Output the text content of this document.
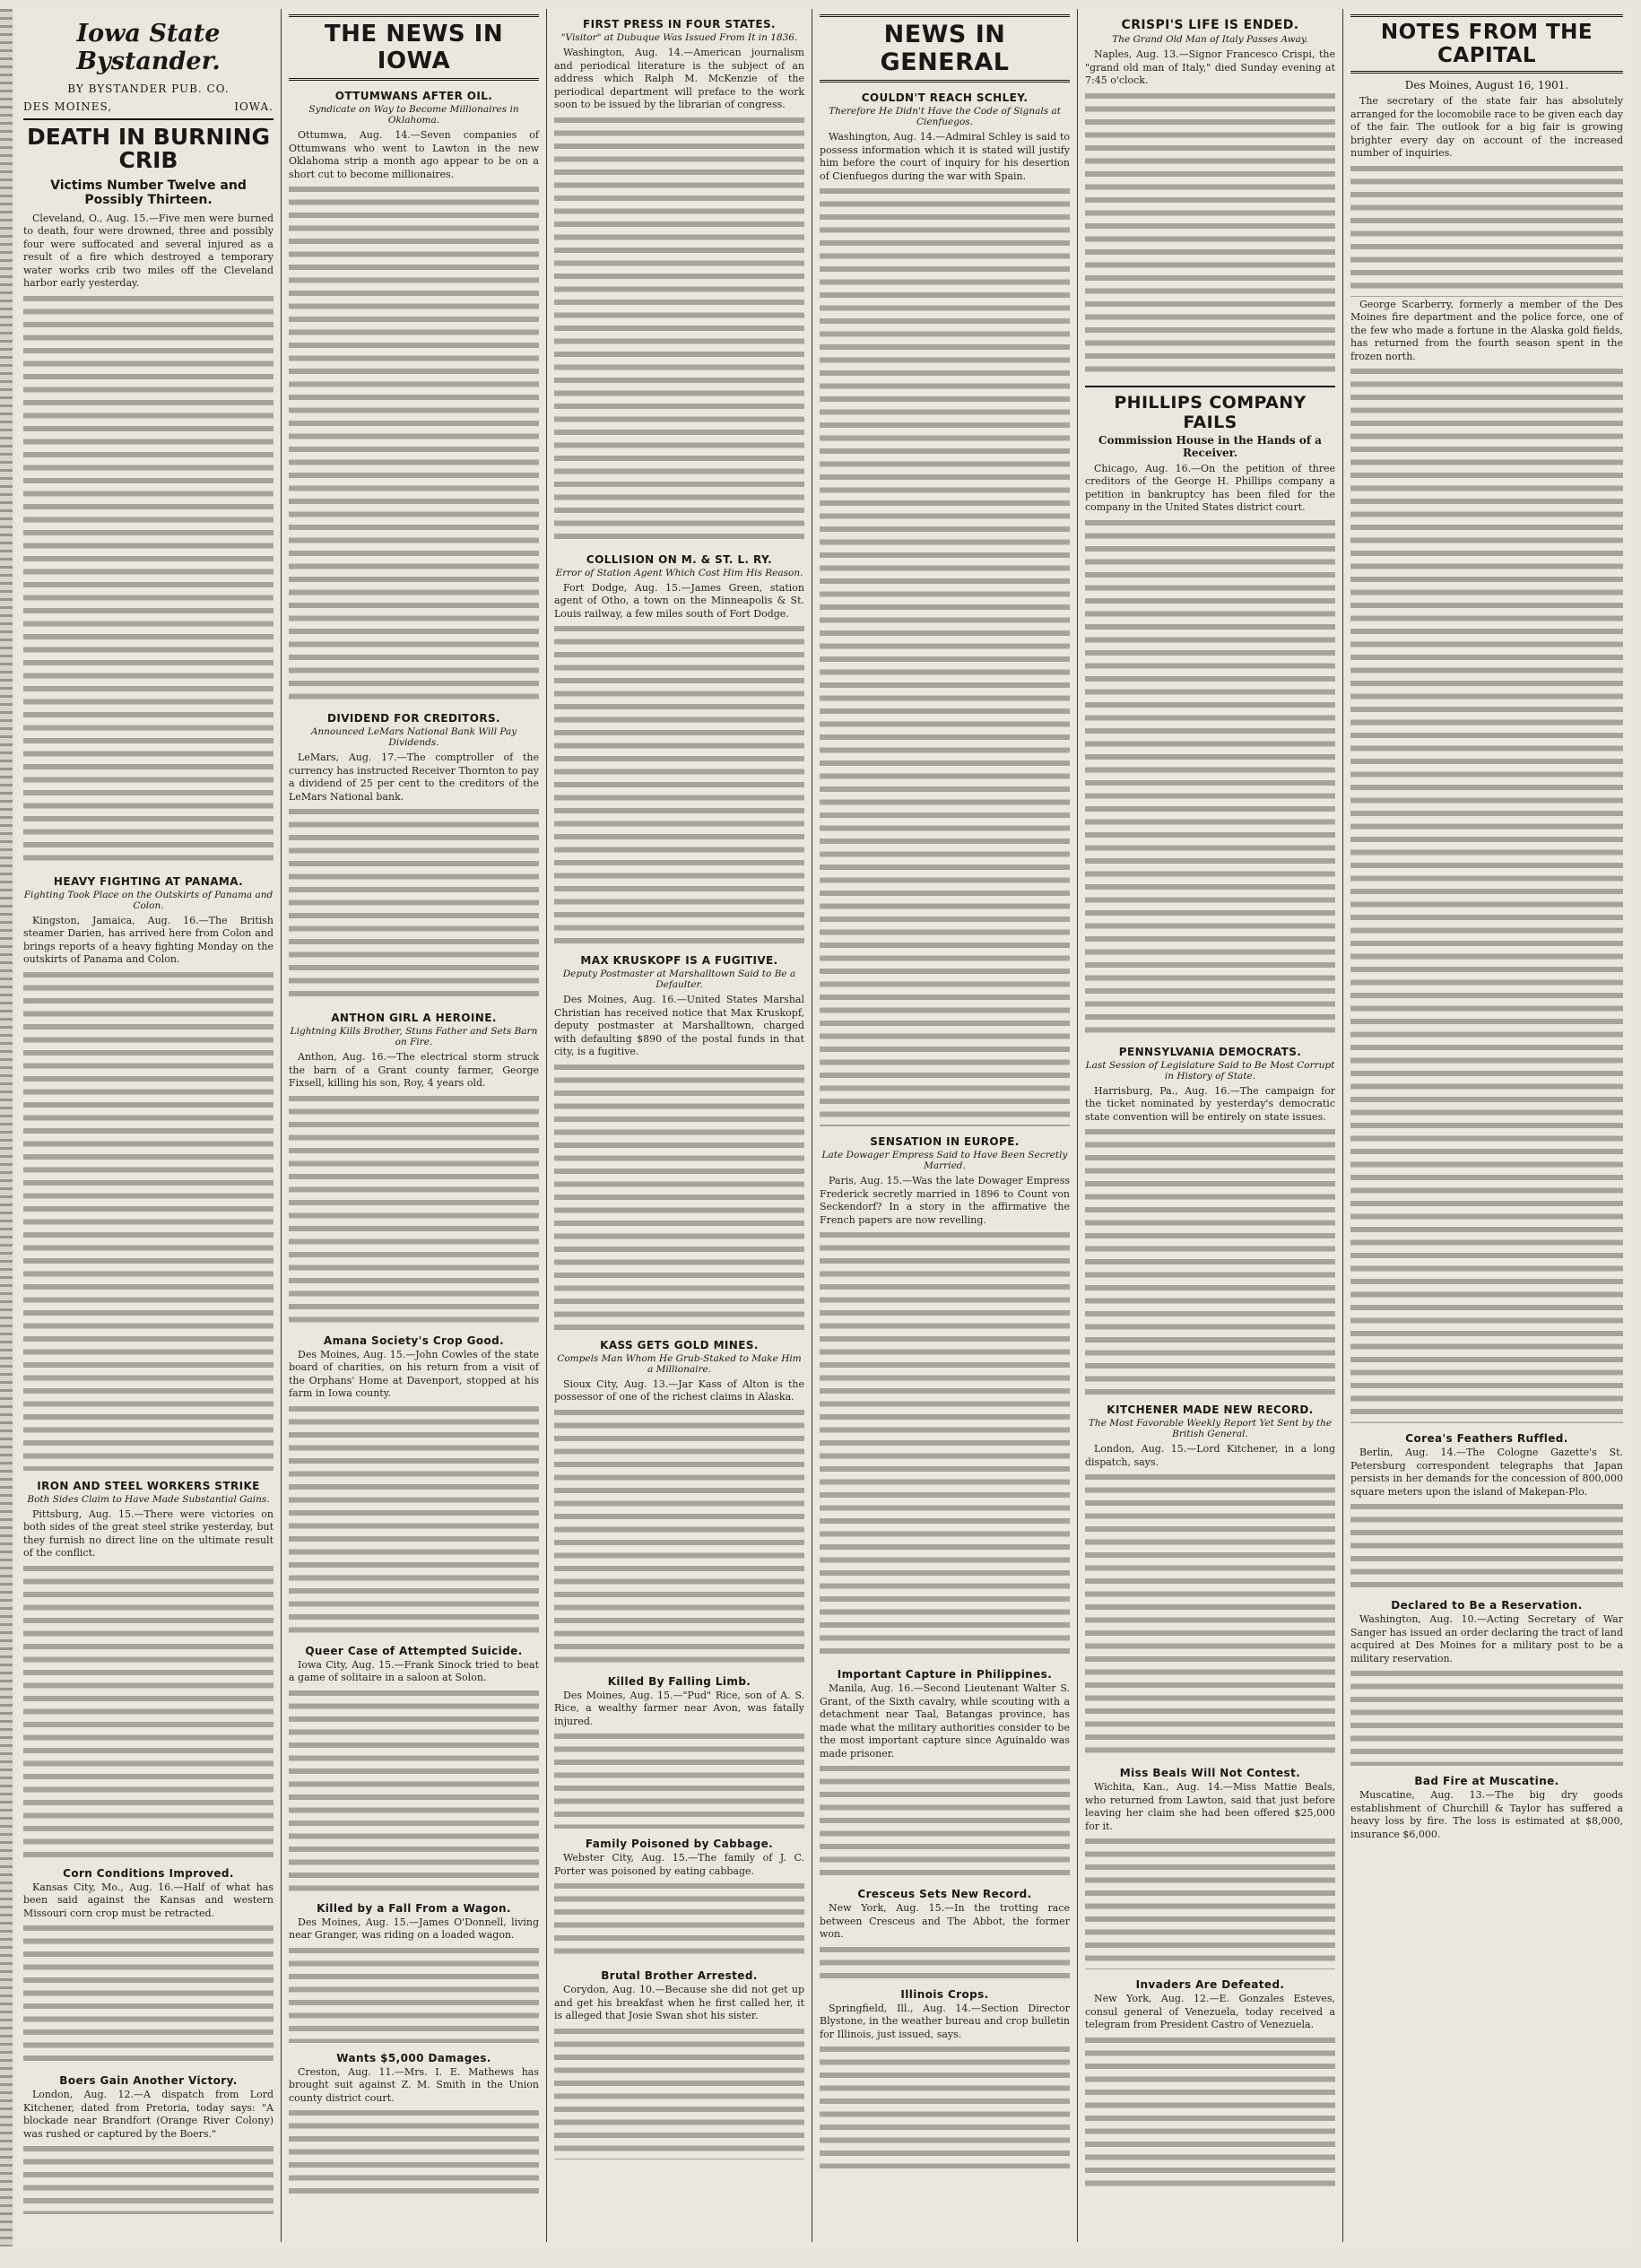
Iowa State Bystander.
BY BYSTANDER PUB. CO.
DES MOINES,	IOWA.
DEATH IN BURNING CRIB
Victims Number Twelve and Possibly Thirteen.

Cleveland, O., Aug. 15.—Five men were burned to death, four were drowned, three and possibly four were suffocated and several injured as a result of a fire which destroyed a temporary water works crib two miles off the Cleveland harbor early yesterday.

HEAVY FIGHTING AT PANAMA.
Fighting Took Place on the Outskirts of Panama and Colon.

Kingston, Jamaica, Aug. 16.—The British steamer Darien, has arrived here from Colon and brings reports of a heavy fighting Monday on the outskirts of Panama and Colon.

IRON AND STEEL WORKERS STRIKE
Both Sides Claim to Have Made Substantial Gains.

Pittsburg, Aug. 15.—There were victories on both sides of the great steel strike yesterday, but they furnish no direct line on the ultimate result of the conflict.

Corn Conditions Improved.

Kansas City, Mo., Aug. 16.—Half of what has been said against the Kansas and western Missouri corn crop must be retracted.

Boers Gain Another Victory.

London, Aug. 12.—A dispatch from Lord Kitchener, dated from Pretoria, today says: "A blockade near Brandfort (Orange River Colony) was rushed or captured by the Boers."

THE NEWS IN IOWA
OTTUMWANS AFTER OIL.
Syndicate on Way to Become Millionaires in Oklahoma.

Ottumwa, Aug. 14.—Seven companies of Ottumwans who went to Lawton in the new Oklahoma strip a month ago appear to be on a short cut to become millionaires.

DIVIDEND FOR CREDITORS.
Announced LeMars National Bank Will Pay Dividends.

LeMars, Aug. 17.—The comptroller of the currency has instructed Receiver Thornton to pay a dividend of 25 per cent to the creditors of the LeMars National bank.

ANTHON GIRL A HEROINE.
Lightning Kills Brother, Stuns Father and Sets Barn on Fire.

Anthon, Aug. 16.—The electrical storm struck the barn of a Grant county farmer, George Fixsell, killing his son, Roy, 4 years old.

Amana Society's Crop Good.

Des Moines, Aug. 15.—John Cowles of the state board of charities, on his return from a visit of the Orphans' Home at Davenport, stopped at his farm in Iowa county.

Queer Case of Attempted Suicide.

Iowa City, Aug. 15.—Frank Sinock tried to beat a game of solitaire in a saloon at Solon.

Killed by a Fall From a Wagon.

Des Moines, Aug. 15.—James O'Donnell, living near Granger, was riding on a loaded wagon.

Wants $5,000 Damages.

Creston, Aug. 11.—Mrs. I. E. Mathews has brought suit against Z. M. Smith in the Union county district court.

FIRST PRESS IN FOUR STATES.
"Visitor" at Dubuque Was Issued From It in 1836.

Washington, Aug. 14.—American journalism and periodical literature is the subject of an address which Ralph M. McKenzie of the periodical department will preface to the work soon to be issued by the librarian of congress.

COLLISION ON M. & ST. L. RY.
Error of Station Agent Which Cost Him His Reason.

Fort Dodge, Aug. 15.—James Green, station agent of Otho, a town on the Minneapolis & St. Louis railway, a few miles south of Fort Dodge.

MAX KRUSKOPF IS A FUGITIVE.
Deputy Postmaster at Marshalltown Said to Be a Defaulter.

Des Moines, Aug. 16.—United States Marshal Christian has received notice that Max Kruskopf, deputy postmaster at Marshalltown, charged with defaulting $890 of the postal funds in that city, is a fugitive.

KASS GETS GOLD MINES.
Compels Man Whom He Grub-Staked to Make Him a Millionaire.

Sioux City, Aug. 13.—Jar Kass of Alton is the possessor of one of the richest claims in Alaska.

Killed By Falling Limb.

Des Moines, Aug. 15.—"Pud" Rice, son of A. S. Rice, a wealthy farmer near Avon, was fatally injured.

Family Poisoned by Cabbage.

Webster City, Aug. 15.—The family of J. C. Porter was poisoned by eating cabbage.

Brutal Brother Arrested.

Corydon, Aug. 10.—Because she did not get up and get his breakfast when he first called her, it is alleged that Josie Swan shot his sister.

NEWS IN GENERAL
COULDN'T REACH SCHLEY.
Therefore He Didn't Have the Code of Signals at Cienfuegos.

Washington, Aug. 14.—Admiral Schley is said to possess information which it is stated will justify him before the court of inquiry for his desertion of Cienfuegos during the war with Spain.

SENSATION IN EUROPE.
Late Dowager Empress Said to Have Been Secretly Married.

Paris, Aug. 15.—Was the late Dowager Empress Frederick secretly married in 1896 to Count von Seckendorf? In a story in the affirmative the French papers are now revelling.

Important Capture in Philippines.

Manila, Aug. 16.—Second Lieutenant Walter S. Grant, of the Sixth cavalry, while scouting with a detachment near Taal, Batangas province, has made what the military authorities consider to be the most important capture since Aguinaldo was made prisoner.

Cresceus Sets New Record.

New York, Aug. 15.—In the trotting race between Cresceus and The Abbot, the former won.

Illinois Crops.

Springfield, Ill., Aug. 14.—Section Director Blystone, in the weather bureau and crop bulletin for Illinois, just issued, says.

CRISPI'S LIFE IS ENDED.
The Grand Old Man of Italy Passes Away.

Naples, Aug. 13.—Signor Francesco Crispi, the "grand old man of Italy," died Sunday evening at 7:45 o'clock.

PHILLIPS COMPANY FAILS
Commission House in the Hands of a Receiver.

Chicago, Aug. 16.—On the petition of three creditors of the George H. Phillips company a petition in bankruptcy has been filed for the company in the United States district court.

PENNSYLVANIA DEMOCRATS.
Last Session of Legislature Said to Be Most Corrupt in History of State.

Harrisburg, Pa., Aug. 16.—The campaign for the ticket nominated by yesterday's democratic state convention will be entirely on state issues.

KITCHENER MADE NEW RECORD.
The Most Favorable Weekly Report Yet Sent by the British General.

London, Aug. 15.—Lord Kitchener, in a long dispatch, says.

Miss Beals Will Not Contest.

Wichita, Kan., Aug. 14.—Miss Mattie Beals, who returned from Lawton, said that just before leaving her claim she had been offered $25,000 for it.

Invaders Are Defeated.

New York, Aug. 12.—E. Gonzales Esteves, consul general of Venezuela, today received a telegram from President Castro of Venezuela.

NOTES FROM THE CAPITAL
Des Moines, August 16, 1901.

The secretary of the state fair has absolutely arranged for the locomobile race to be given each day of the fair. The outlook for a big fair is growing brighter every day on account of the increased number of inquiries.

George Scarberry, formerly a member of the Des Moines fire department and the police force, one of the few who made a fortune in the Alaska gold fields, has returned from the fourth season spent in the frozen north.

Corea's Feathers Ruffled.

Berlin, Aug. 14.—The Cologne Gazette's St. Petersburg correspondent telegraphs that Japan persists in her demands for the concession of 800,000 square meters upon the island of Makepan-Plo.

Declared to Be a Reservation.

Washington, Aug. 10.—Acting Secretary of War Sanger has issued an order declaring the tract of land acquired at Des Moines for a military post to be a military reservation.

Bad Fire at Muscatine.

Muscatine, Aug. 13.—The big dry goods establishment of Churchill & Taylor has suffered a heavy loss by fire. The loss is estimated at $8,000, insurance $6,000.
